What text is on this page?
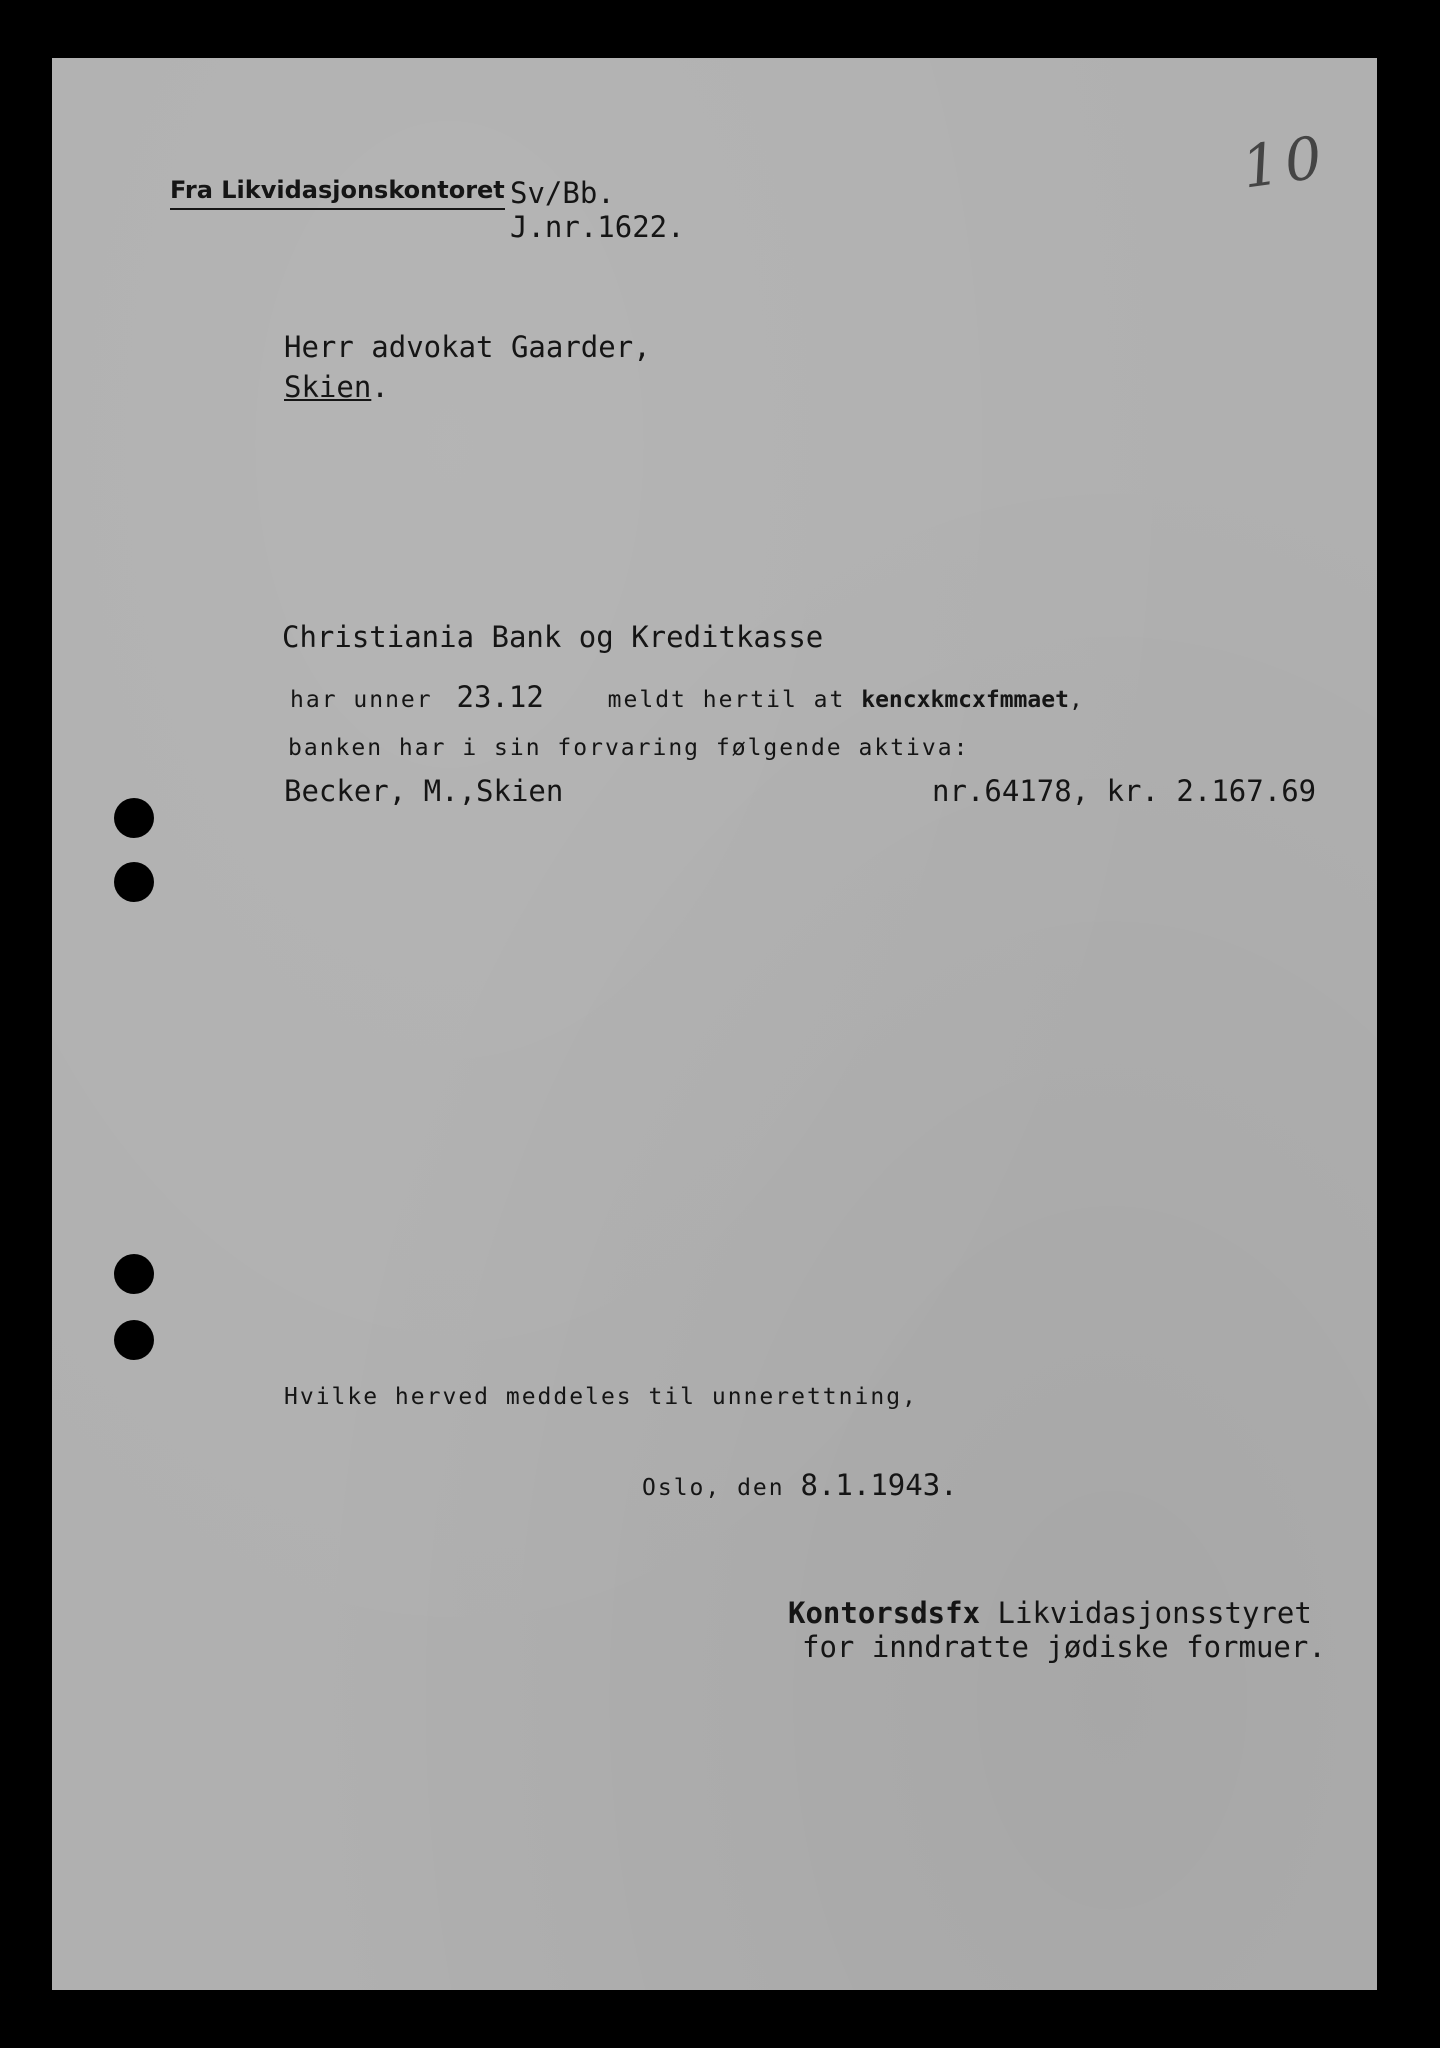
10
Fra Likvidasjonskontoret Sv/Bb.
J.nr.1622.
Herr advokat Gaarder,
Skien.
Christiania Bank og Kreditkasse
har unner 23.12	meldt hertil at kencxkmcxfmmaet,
banken har i sin forvaring følgende aktiva:
Becker, M.,Skien	nr.64178, kr. 2.167.69
Hvilke herved meddeles til unnerettning,
Oslo, den 8.1.1943.
Kontorsdsfx Likvidasjonsstyret
for inndratte jødiske formuer.
